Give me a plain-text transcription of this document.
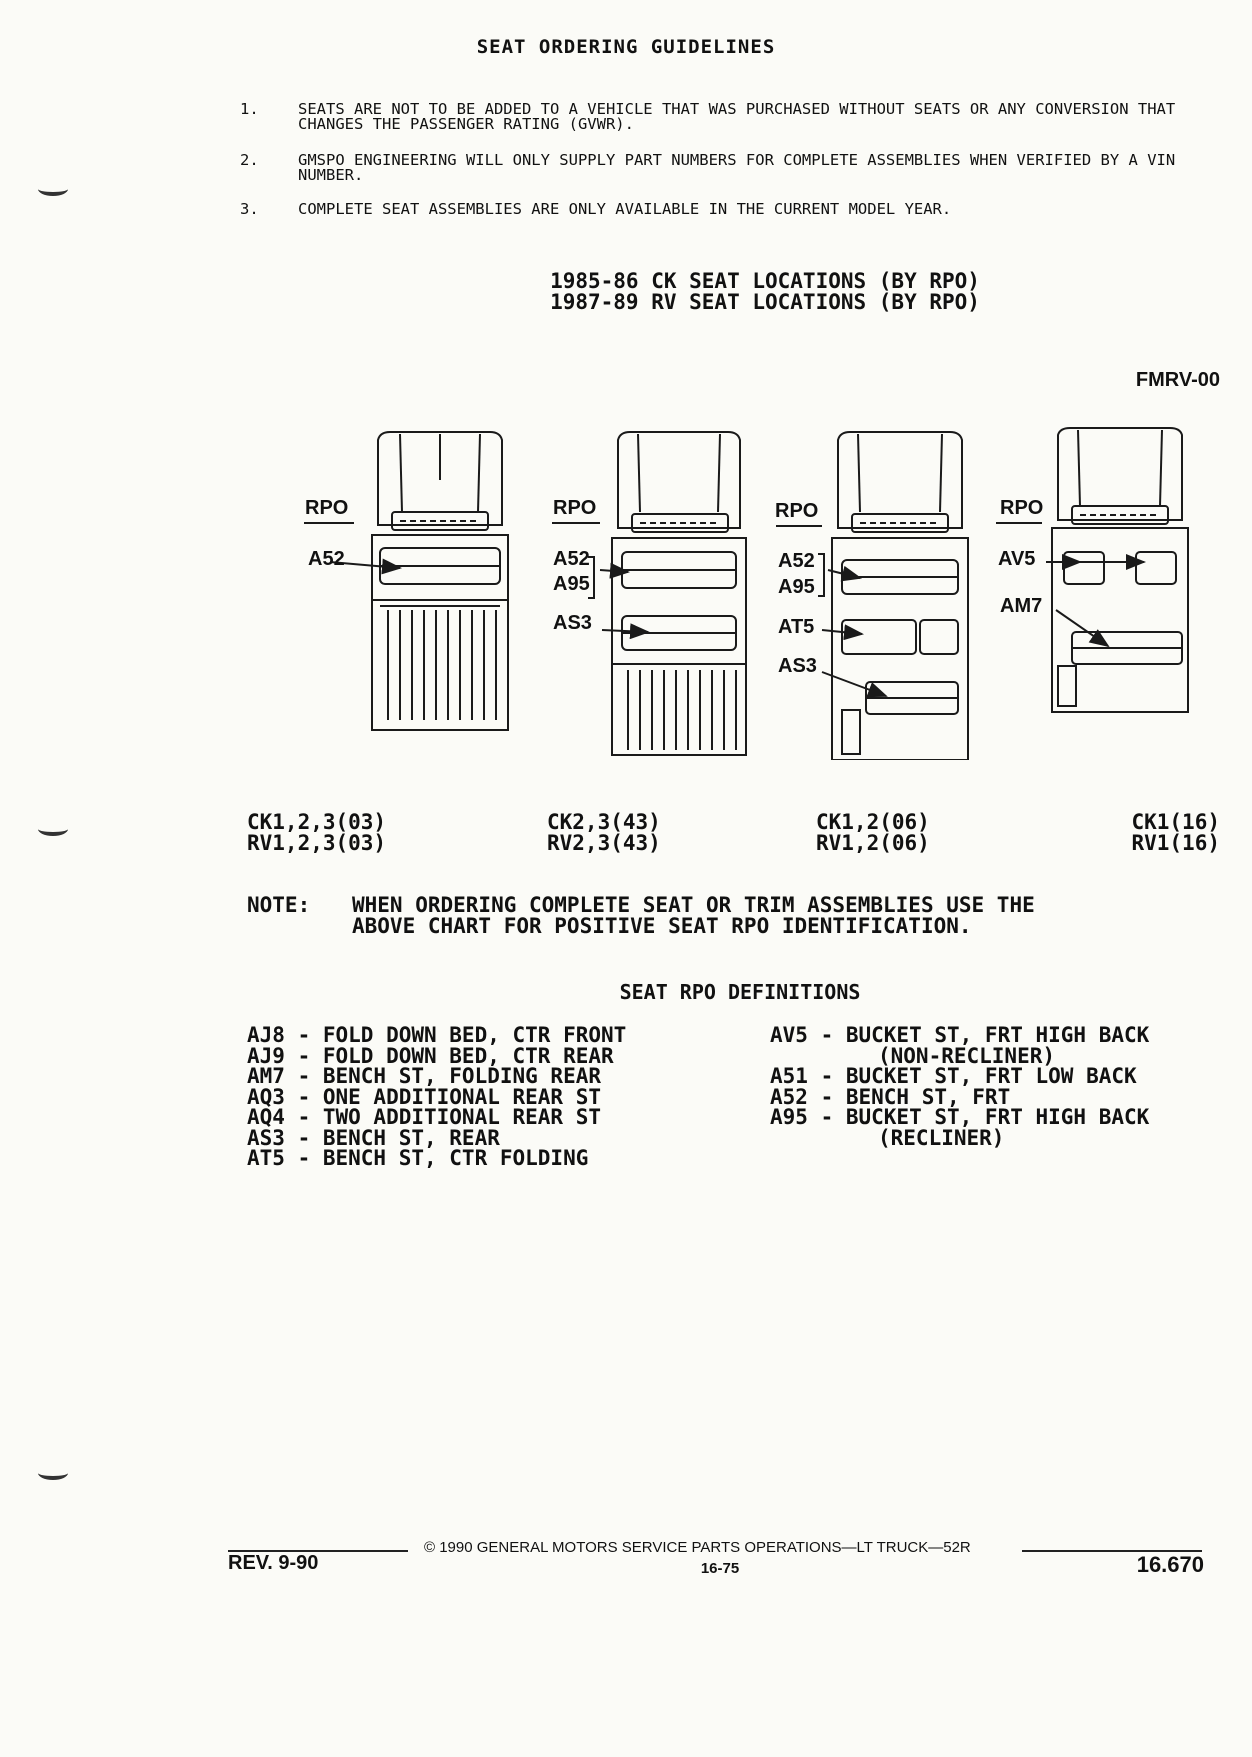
SEAT ORDERING GUIDELINES
1.	SEATS ARE NOT TO BE ADDED TO A VEHICLE THAT WAS PURCHASED WITHOUT SEATS OR ANY CONVERSION THAT CHANGES THE PASSENGER RATING (GVWR).
2.	GMSPO ENGINEERING WILL ONLY SUPPLY PART NUMBERS FOR COMPLETE ASSEMBLIES WHEN VERIFIED BY A VIN NUMBER.
3.	COMPLETE SEAT ASSEMBLIES ARE ONLY AVAILABLE IN THE CURRENT MODEL YEAR.
1985-86 CK SEAT LOCATIONS (BY RPO)
1987-89 RV SEAT LOCATIONS (BY RPO)
FMRV-00
RPO
A52
RPO
A52
A95
AS3
RPO
A52
A95
AT5
AS3
RPO
AV5
AM7
CK1,2,3(03)
RV1,2,3(03)
CK2,3(43)
RV2,3(43)
CK1,2(06)
RV1,2(06)
CK1(16)
RV1(16)
NOTE: WHEN ORDERING COMPLETE SEAT OR TRIM ASSEMBLIES USE THE
ABOVE CHART FOR POSITIVE SEAT RPO IDENTIFICATION.
SEAT RPO DEFINITIONS
AJ8 - FOLD DOWN BED, CTR FRONT
AJ9 - FOLD DOWN BED, CTR REAR
AM7 - BENCH ST, FOLDING REAR
AQ3 - ONE ADDITIONAL REAR ST
AQ4 - TWO ADDITIONAL REAR ST
AS3 - BENCH ST, REAR
AT5 - BENCH ST, CTR FOLDING
AV5 - BUCKET ST, FRT HIGH BACK
(NON-RECLINER)
A51 - BUCKET ST, FRT LOW BACK
A52 - BENCH ST, FRT
A95 - BUCKET ST, FRT HIGH BACK
(RECLINER)
© 1990 GENERAL MOTORS SERVICE PARTS OPERATIONS—LT TRUCK—52R
REV. 9-90	16-75	16.670
